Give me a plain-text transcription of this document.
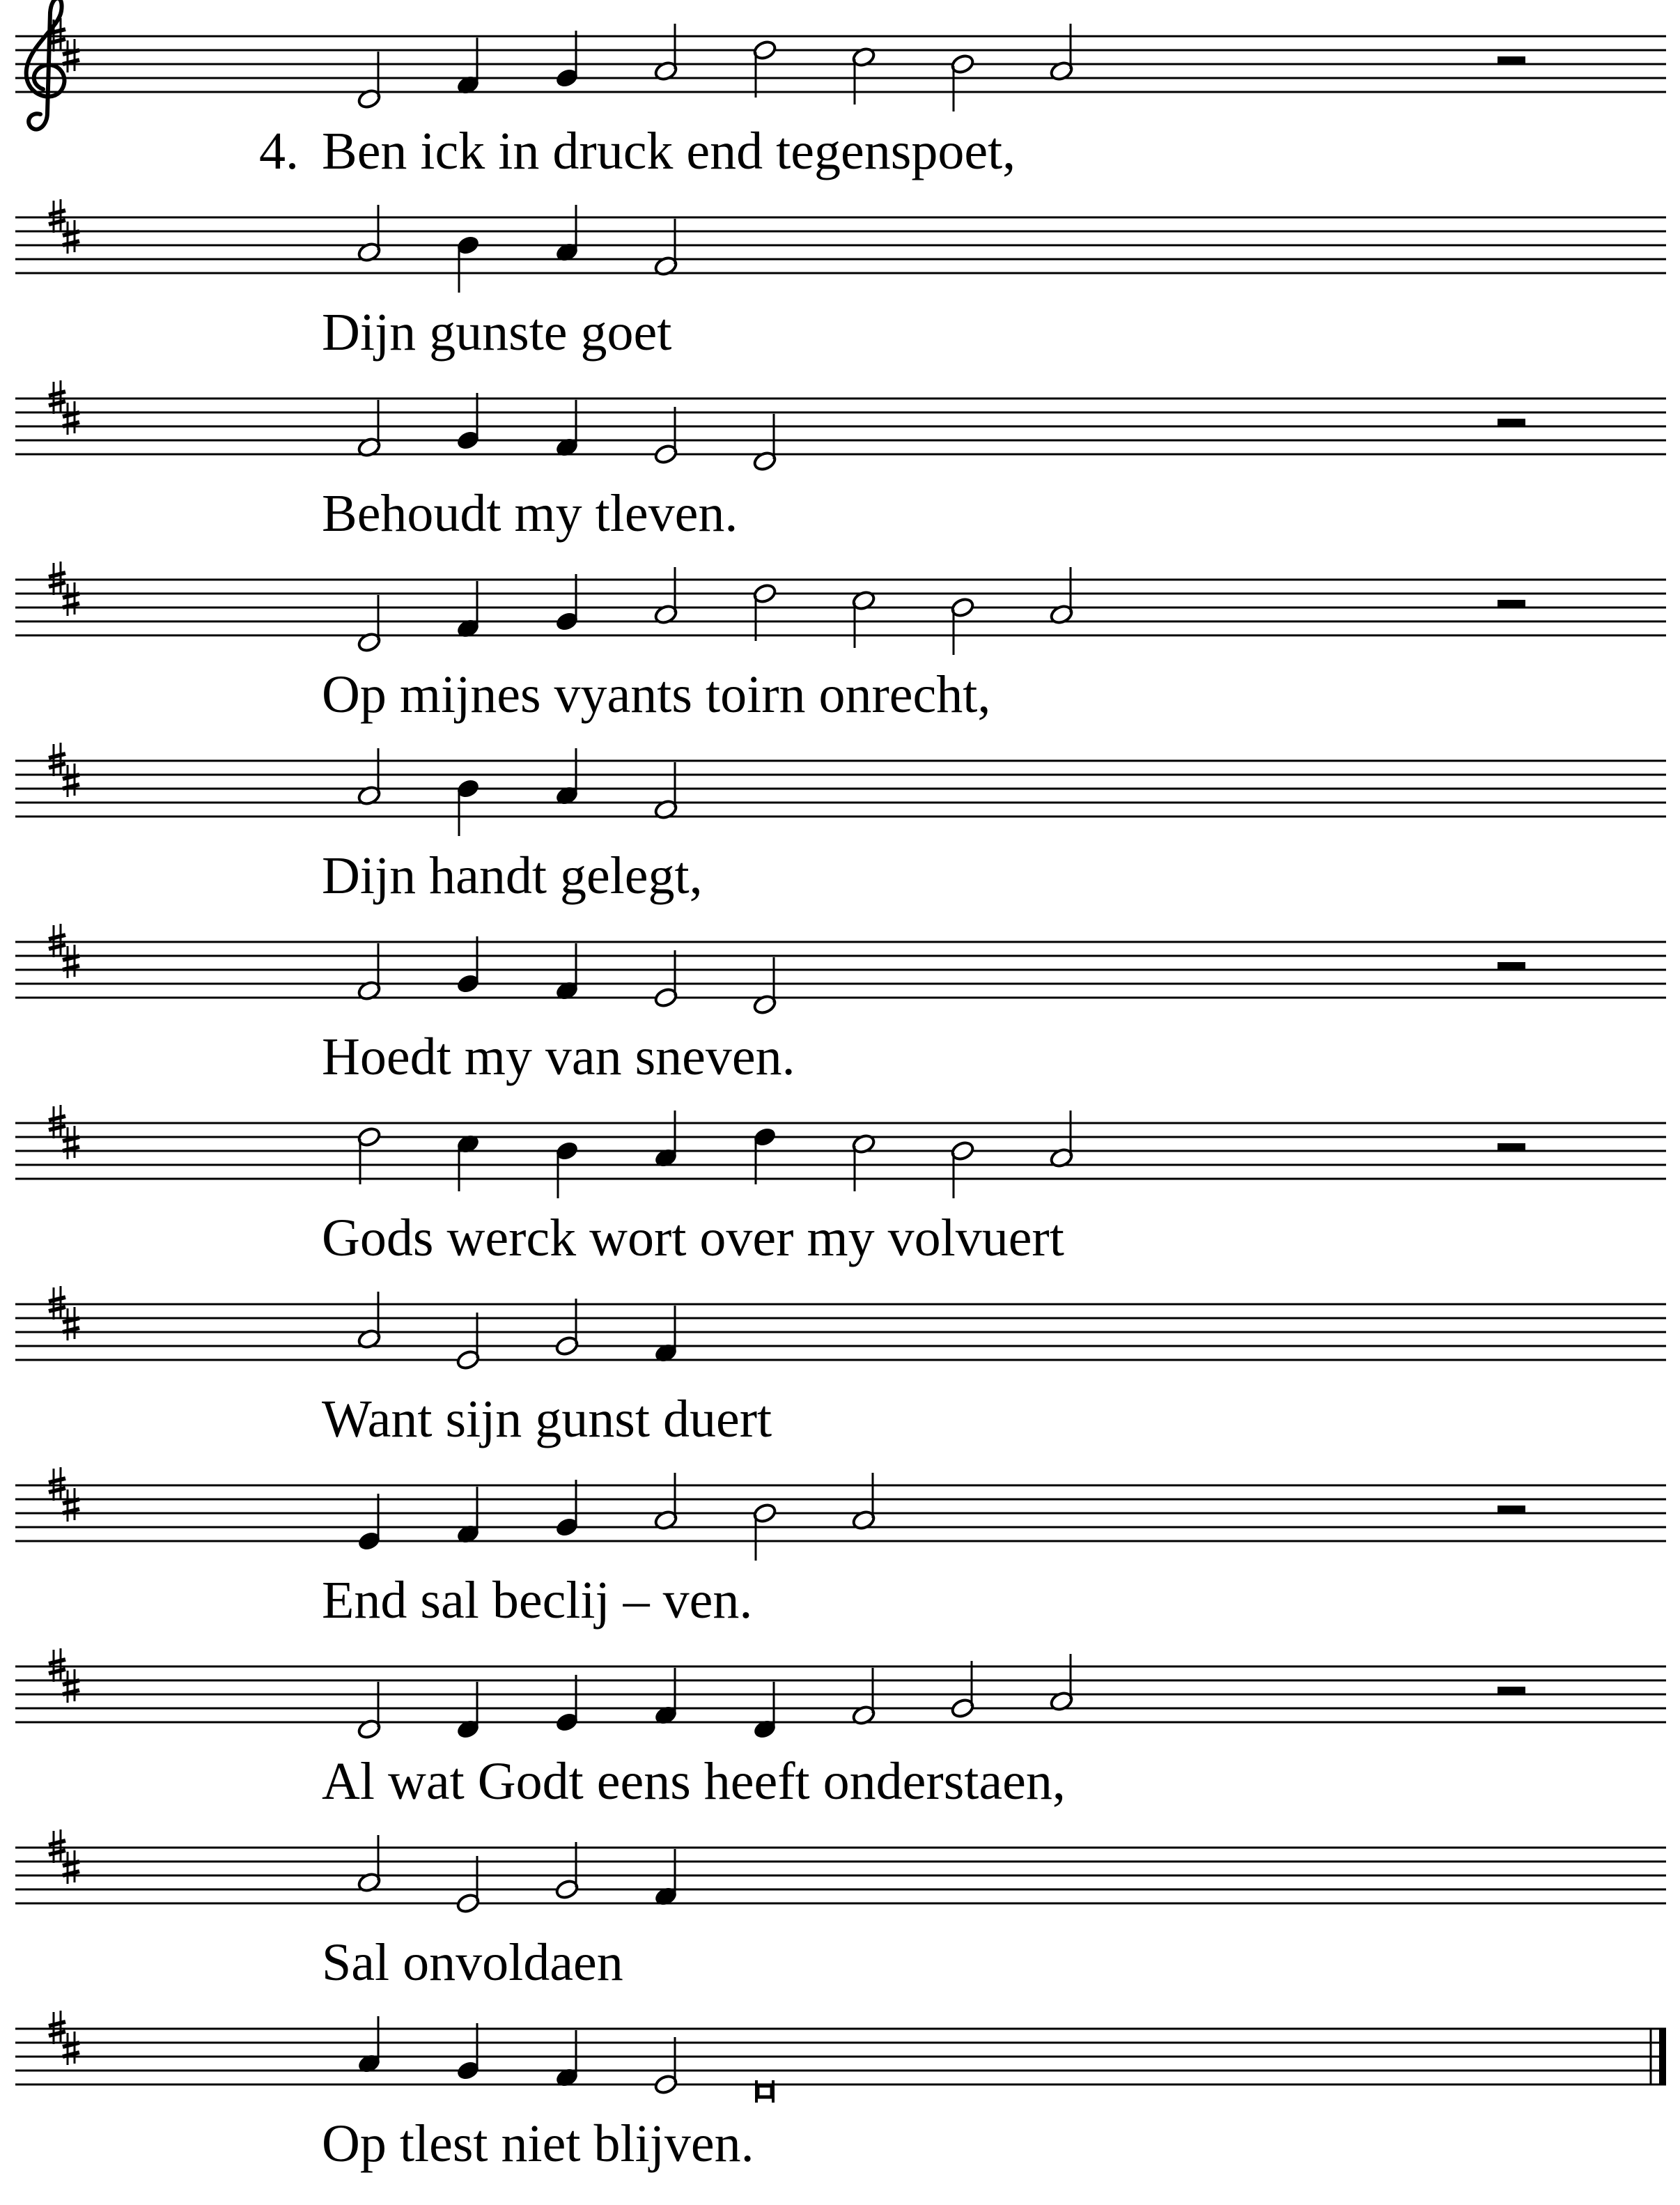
4. Ben ick in druck end tegenspoet,
Dijn gunste goet
Behoudt my tleven.
Op mijnes vyants toirn onrecht,
Dijn handt gelegt,
Hoedt my van sneven.
Gods werck wort over my volvuert
Want sijn gunst duert
End sal beclij – ven.
Al wat Godt eens heeft onderstaen,
Sal onvoldaen
Op tlest niet blijven.
